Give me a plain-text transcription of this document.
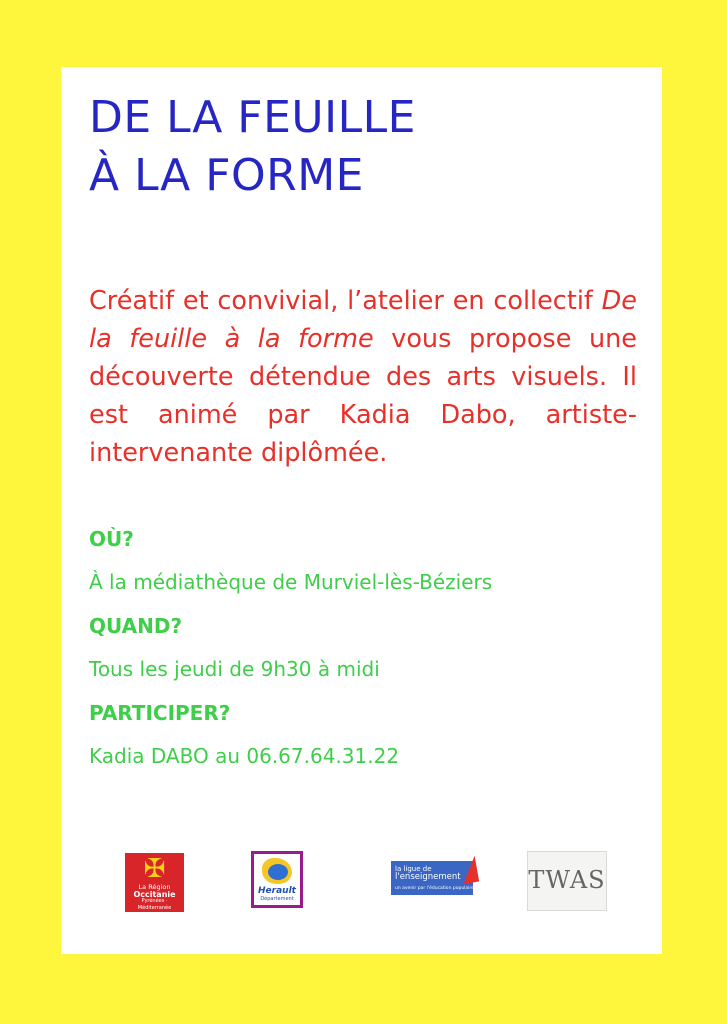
DE LA FEUILLE
À LA FORME
Créatif et convivial, l’atelier en collectif De la feuille à la forme vous propose une découverte détendue des arts visuels. Il est animé par Kadia Dabo, artiste-intervenante diplômée.
OÙ?
À la médiathèque de Murviel-lès-Béziers
QUAND?
Tous les jeudi de 9h30 à midi
PARTICIPER?
Kadia DABO au 06.67.64.31.22
✠
La Région
Occitanie
Pyrénées · Méditerranée
Herault
Département
la ligue de
l'enseignement
un avenir par l'éducation populaire TWAS
